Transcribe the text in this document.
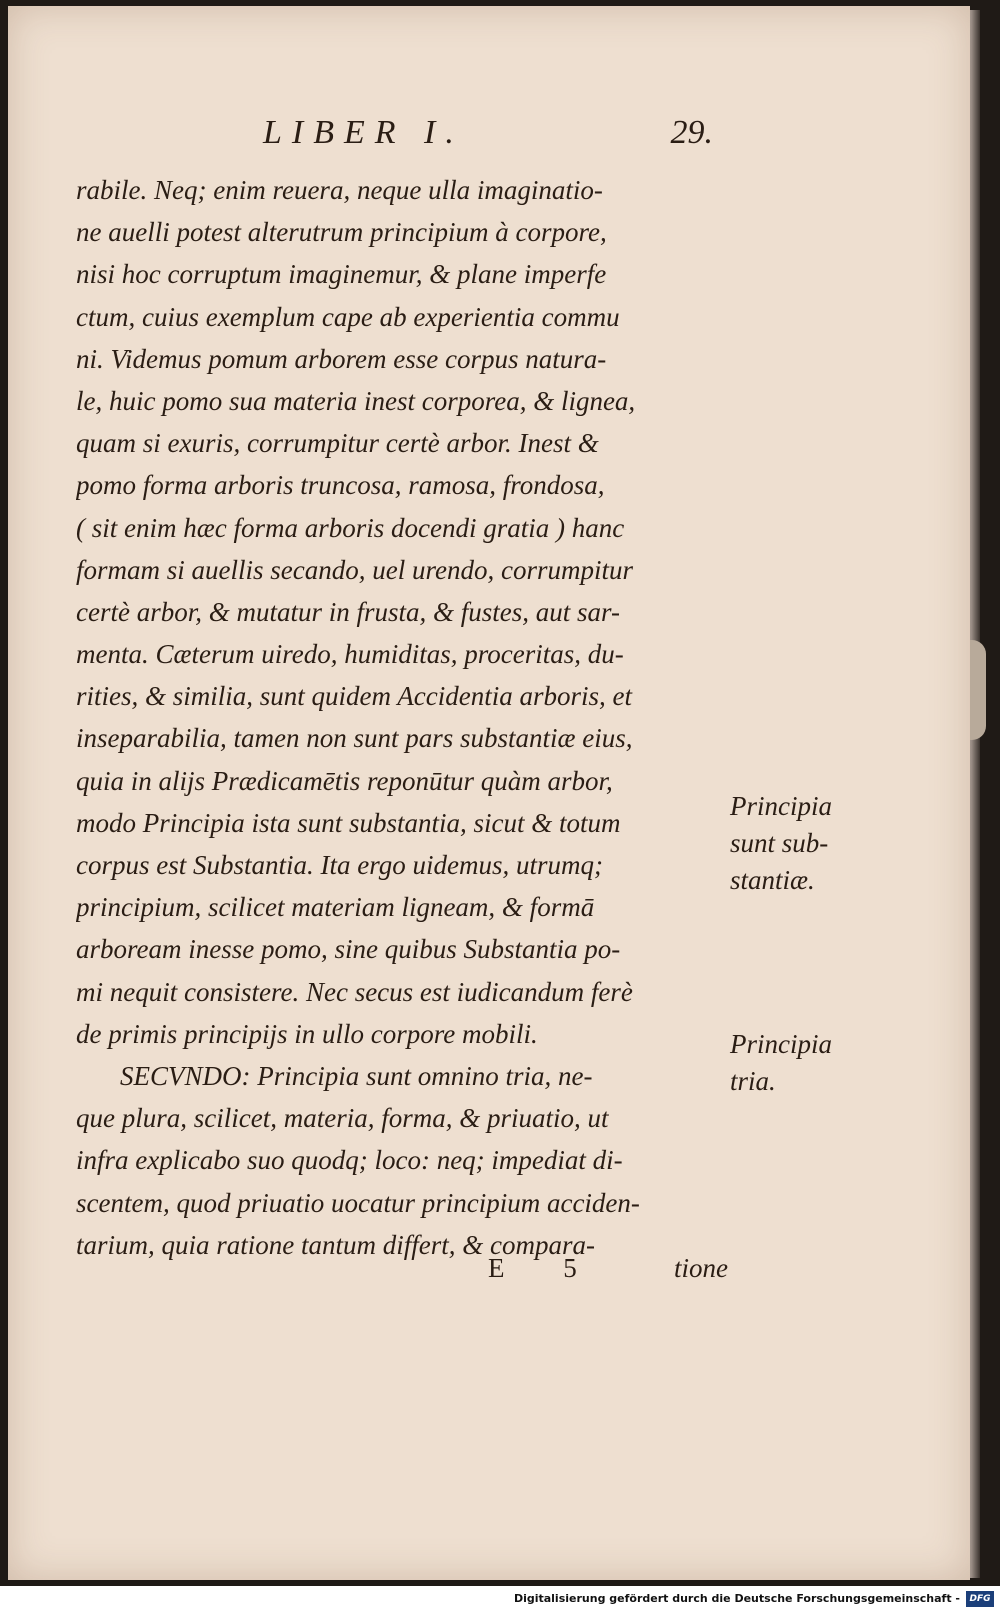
LIBER I.	29.
rabile. Neq; enim reuera, neque ulla imaginatio-
ne auelli potest alterutrum principium à corpore,
nisi hoc corruptum imaginemur, & plane imperfe
ctum, cuius exemplum cape ab experientia commu
ni. Videmus pomum arborem esse corpus natura-
le, huic pomo sua materia inest corporea, & lignea,
quam si exuris, corrumpitur certè arbor. Inest &
pomo forma arboris truncosa, ramosa, frondosa,
( sit enim hæc forma arboris docendi gratia ) hanc
formam si auellis secando, uel urendo, corrumpitur
certè arbor, & mutatur in frusta, & fustes, aut sar-
menta. Cæterum uiredo, humiditas, proceritas, du-
rities, & similia, sunt quidem Accidentia arboris, et
inseparabilia, tamen non sunt pars substantiæ eius,
quia in alijs Prædicamētis reponūtur quàm arbor,
modo Principia ista sunt substantia, sicut & totum
corpus est Substantia. Ita ergo uidemus, utrumq;
principium, scilicet materiam ligneam, & formā
arboream inesse pomo, sine quibus Substantia po-
mi nequit consistere. Nec secus est iudicandum ferè
de primis principijs in ullo corpore mobili.
SECVNDO: Principia sunt omnino tria, ne-
que plura, scilicet, materia, forma, & priuatio, ut
infra explicabo suo quodq; loco: neq; impediat di-
scentem, quod priuatio uocatur principium acciden-
tarium, quia ratione tantum differt, & compara-
E 5	tione
Principia
sunt sub-
stantiæ.
Principia
tria.
Digitalisierung gefördert durch die Deutsche Forschungsgemeinschaft -	DFG
